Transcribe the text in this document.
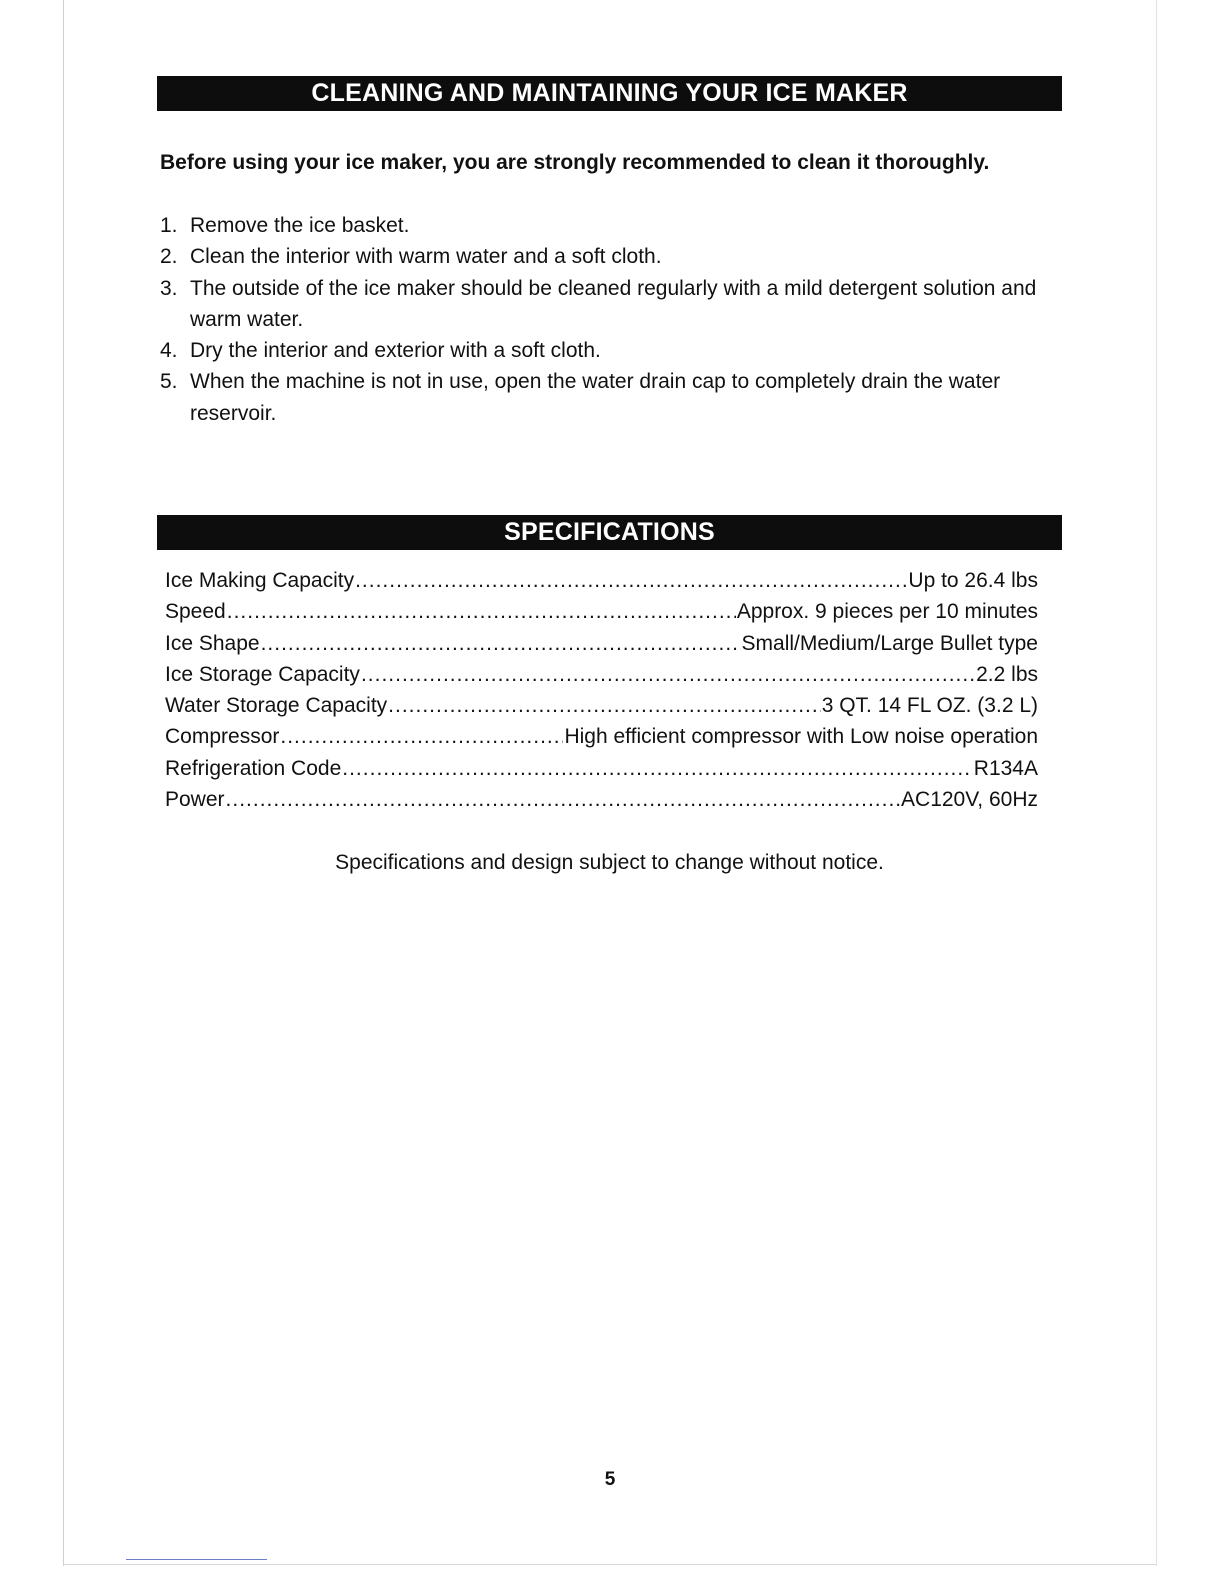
CLEANING AND MAINTAINING YOUR ICE MAKER
Before using your ice maker, you are strongly recommended to clean it thoroughly.
1. Remove the ice basket.
2. Clean the interior with warm water and a soft cloth.
3. The outside of the ice maker should be cleaned regularly with a mild detergent solution and warm water.
4. Dry the interior and exterior with a soft cloth.
5. When the machine is not in use, open the water drain cap to completely drain the water reservoir.
SPECIFICATIONS
Ice Making Capacity .....	Up to 26.4 lbs
Speed .....	Approx. 9 pieces per 10 minutes
Ice Shape .....	Small/Medium/Large Bullet type
Ice Storage Capacity .....	2.2 lbs
Water Storage Capacity .....	3 QT. 14 FL OZ. (3.2 L)
Compressor .....	High efficient compressor with Low noise operation
Refrigeration Code .....	R134A
Power .....	AC120V, 60Hz
Specifications and design subject to change without notice.
5
